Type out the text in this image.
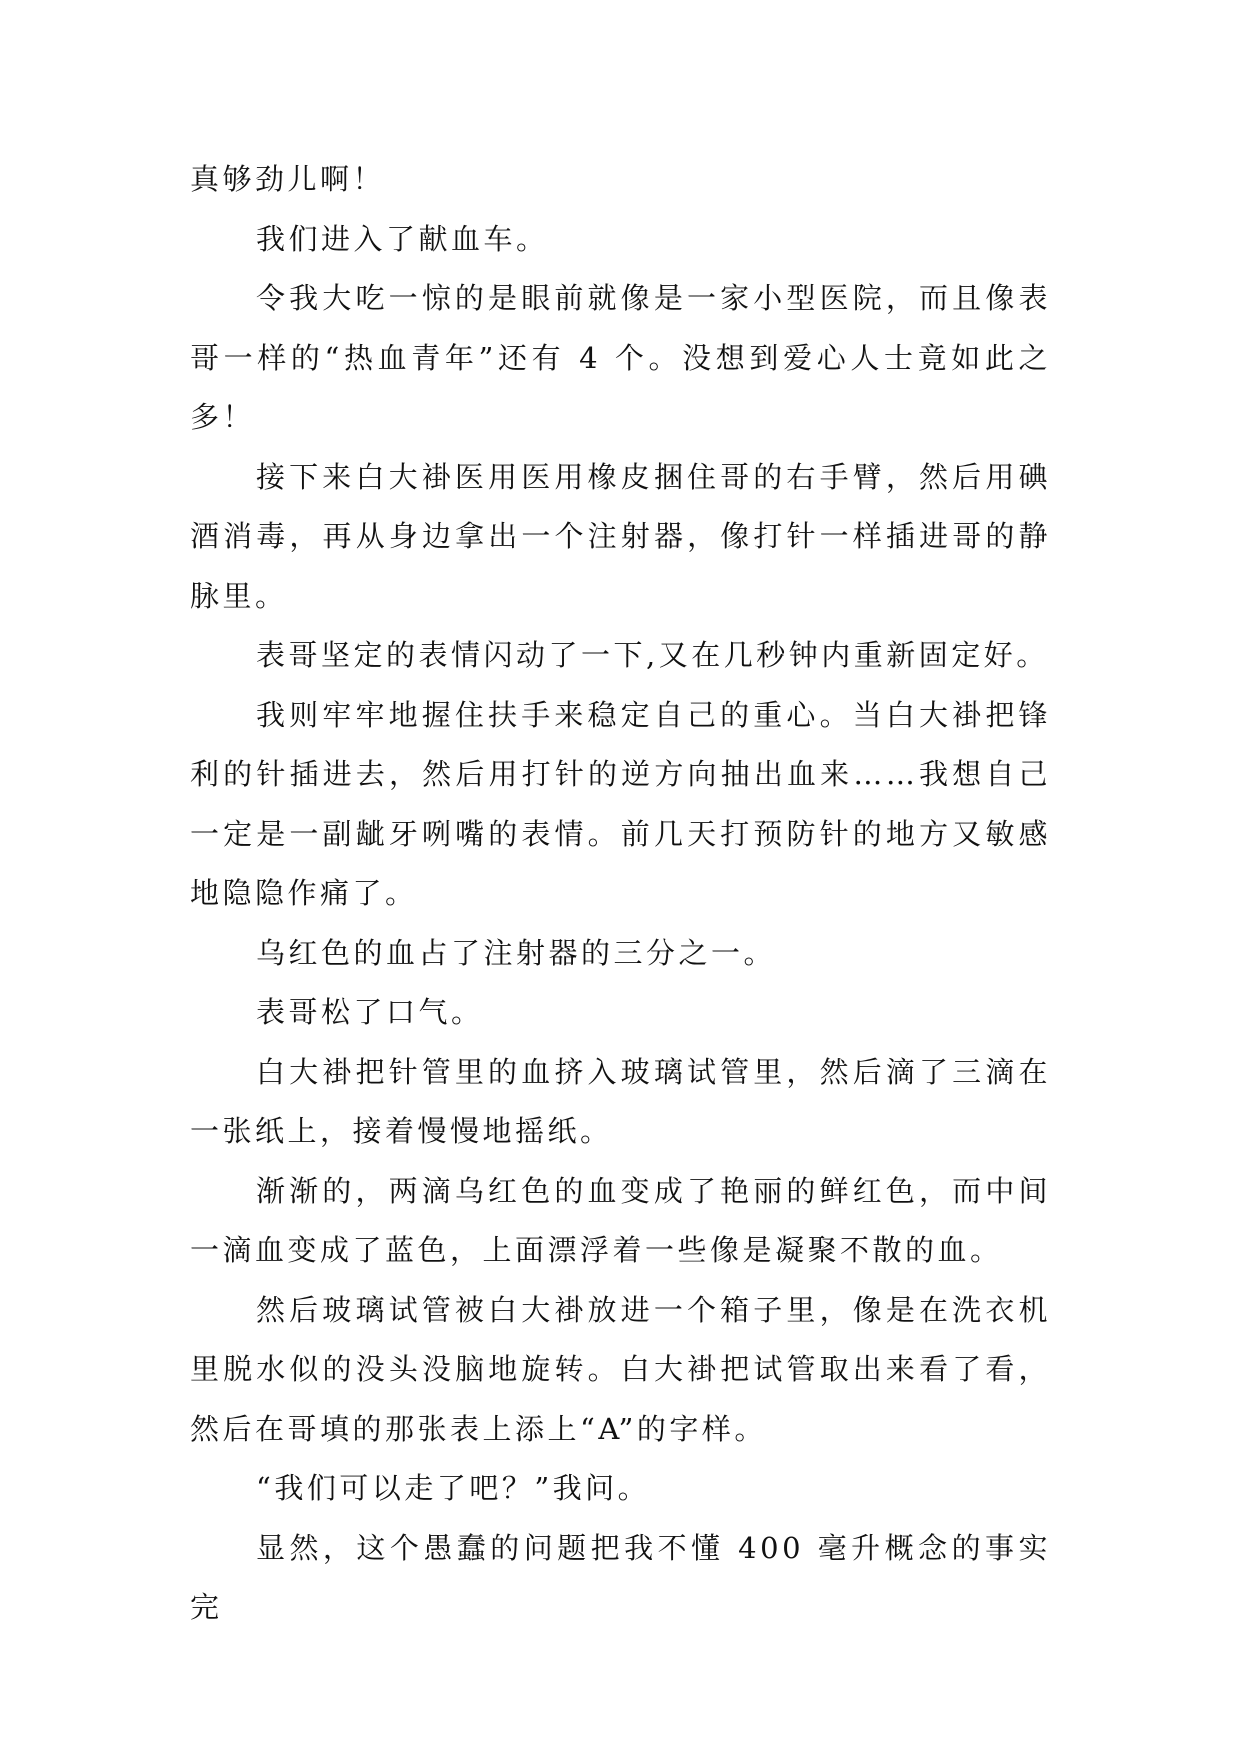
真够劲儿啊！

我们进入了献血车。

令我大吃一惊的是眼前就像是一家小型医院，而且像表哥一样的“热血青年”还有 4 个。没想到爱心人士竟如此之多！

接下来白大褂医用医用橡皮捆住哥的右手臂，然后用碘酒消毒，再从身边拿出一个注射器，像打针一样插进哥的静脉里。

表哥坚定的表情闪动了一下,又在几秒钟内重新固定好。

我则牢牢地握住扶手来稳定自己的重心。当白大褂把锋利的针插进去，然后用打针的逆方向抽出血来……我想自己一定是一副龇牙咧嘴的表情。前几天打预防针的地方又敏感地隐隐作痛了。

乌红色的血占了注射器的三分之一。

表哥松了口气。

白大褂把针管里的血挤入玻璃试管里，然后滴了三滴在一张纸上，接着慢慢地摇纸。

渐渐的，两滴乌红色的血变成了艳丽的鲜红色，而中间一滴血变成了蓝色，上面漂浮着一些像是凝聚不散的血。

然后玻璃试管被白大褂放进一个箱子里，像是在洗衣机里脱水似的没头没脑地旋转。白大褂把试管取出来看了看，然后在哥填的那张表上添上“A”的字样。

“我们可以走了吧？”我问。

显然，这个愚蠢的问题把我不懂 400 毫升概念的事实完
